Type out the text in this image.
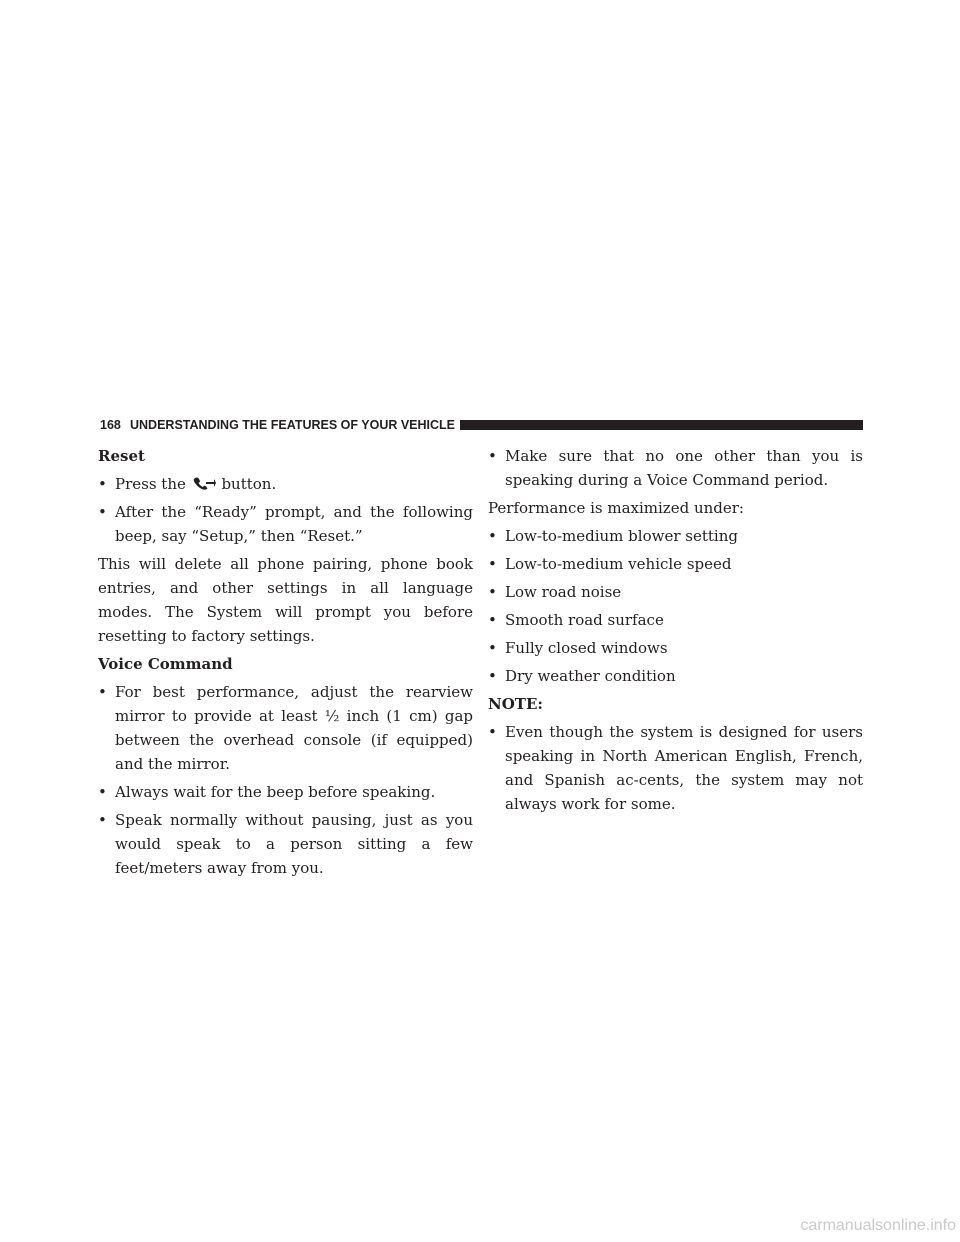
168 UNDERSTANDING THE FEATURES OF YOUR VEHICLE
Reset
• Press the button.
• After the “Ready” prompt, and the following beep, say “Setup,” then “Reset.”
This will delete all phone pairing, phone book entries, and other settings in all language modes. The System will prompt you before resetting to factory settings.
Voice Command
• For best performance, adjust the rearview mirror to provide at least ½ inch (1 cm) gap between the overhead console (if equipped) and the mirror.
• Always wait for the beep before speaking.
• Speak normally without pausing, just as you would speak to a person sitting a few feet/meters away from you.
• Make sure that no one other than you is speaking during a Voice Command period.
Performance is maximized under:
• Low-to-medium blower setting
• Low-to-medium vehicle speed
• Low road noise
• Smooth road surface
• Fully closed windows
• Dry weather condition
NOTE:
• Even though the system is designed for users speaking in North American English, French, and Spanish ac-cents, the system may not always work for some.
carmanualsonline.info
